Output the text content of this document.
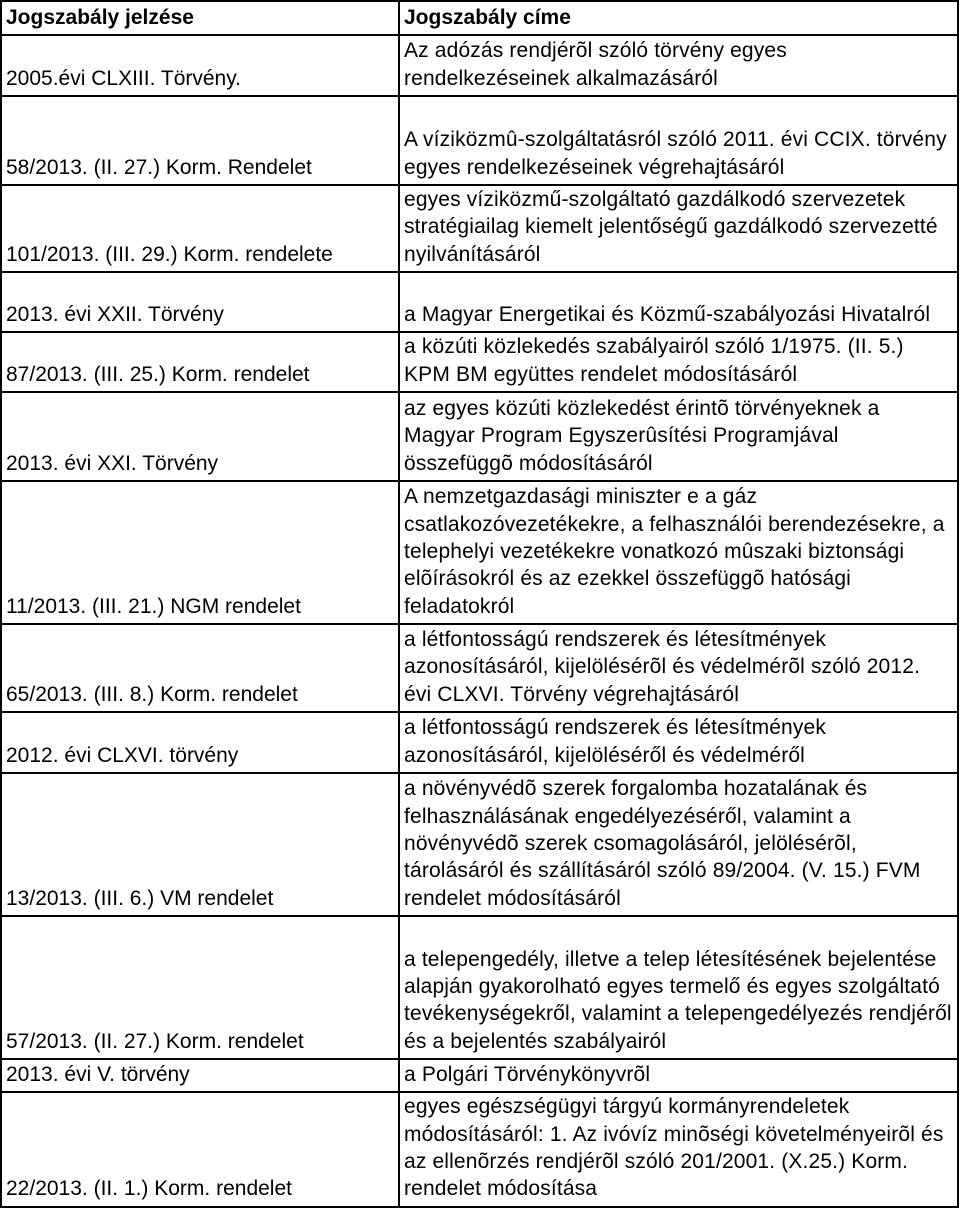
Jogszabály jelzése	Jogszabály címe
2005.évi CLXIII. Törvény.	Az adózás rendjérõl szóló törvény egyes rendelkezéseinek alkalmazásáról

58/2013. (II. 27.) Korm. Rendelet	A víziközmû-szolgáltatásról szóló 2011. évi CCIX. törvény egyes rendelkezéseinek végrehajtásáról

101/2013. (III. 29.) Korm. rendelete	egyes víziközmű-szolgáltató gazdálkodó szervezetek stratégiailag kiemelt jelentőségű gazdálkodó szervezetté nyilvánításáról

2013. évi XXII. Törvény	a Magyar Energetikai és Közmű-szabályozási Hivatalról

87/2013. (III. 25.) Korm. rendelet	a közúti közlekedés szabályairól szóló 1/1975. (II. 5.) KPM BM együttes rendelet módosításáról

2013. évi XXI. Törvény	az egyes közúti közlekedést érintõ törvényeknek a Magyar Program Egyszerûsítési Programjával összefüggõ módosításáról

11/2013. (III. 21.) NGM rendelet	A nemzetgazdasági miniszter e a gáz csatlakozóvezetékekre, a felhasználói berendezésekre, a telephelyi vezetékekre vonatkozó mûszaki biztonsági elõírásokról és az ezekkel összefüggõ hatósági feladatokról

65/2013. (III. 8.) Korm. rendelet	a létfontosságú rendszerek és létesítmények azonosításáról, kijelölésérõl és védelmérõl szóló 2012. évi CLXVI. Törvény végrehajtásáról

2012. évi CLXVI. törvény	a létfontosságú rendszerek és létesítmények azonosításáról, kijelöléséről és védelméről

13/2013. (III. 6.) VM rendelet	a növényvédõ szerek forgalomba hozatalának és felhasználásának engedélyezéséről, valamint a növényvédõ szerek csomagolásáról, jelölésérõl, tárolásáról és szállításáról szóló 89/2004. (V. 15.) FVM rendelet módosításáról

57/2013. (II. 27.) Korm. rendelet	a telepengedély, illetve a telep létesítésének bejelentése alapján gyakorolható egyes termelő és egyes szolgáltató tevékenységekről, valamint a telepengedélyezés rendjéről és a bejelentés szabályairól

2013. évi V. törvény	a Polgári Törvénykönyvrõl

22/2013. (II. 1.) Korm. rendelet	egyes egészségügyi tárgyú kormányrendeletek módosításáról: 1. Az ivóvíz minõségi követelményeirõl és az ellenõrzés rendjérõl szóló 201/2001. (X.25.) Korm. rendelet módosítása
